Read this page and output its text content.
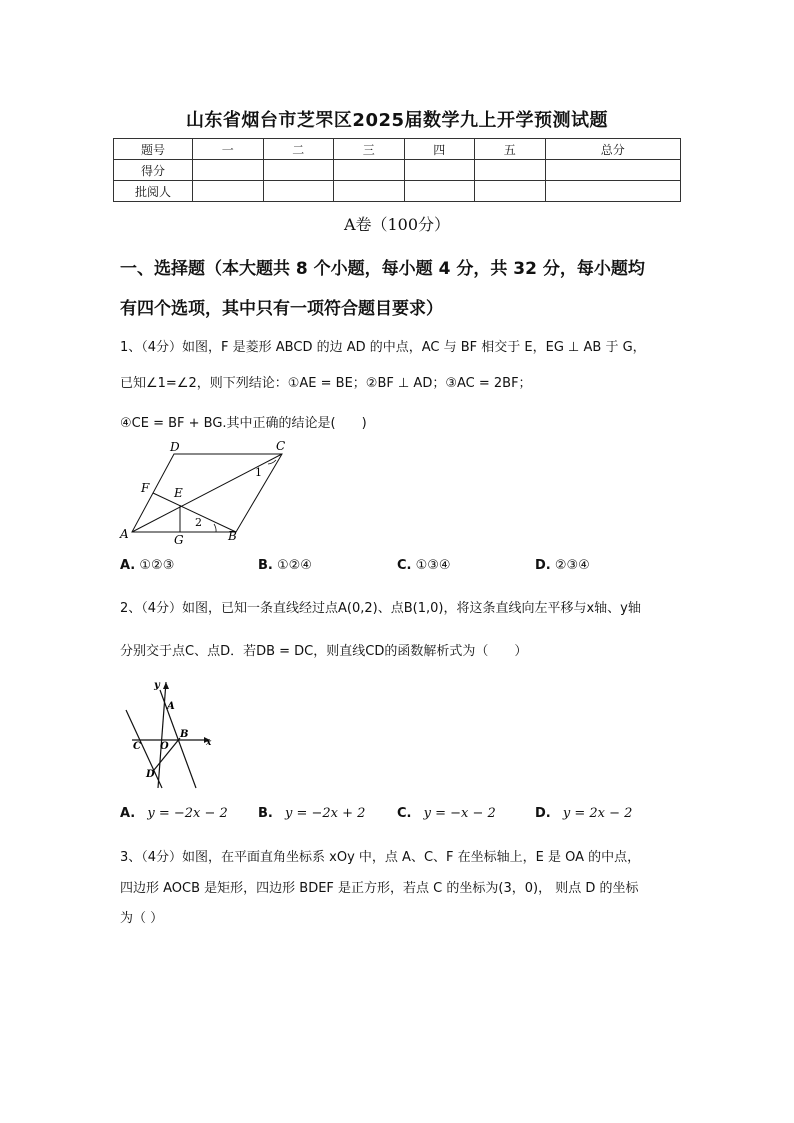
山东省烟台市芝罘区2025届数学九上开学预测试题
题号	一	二	三	四	五	总分
得分						
批阅人						
A卷（100分）
一、选择题（本大题共 8 个小题，每小题 4 分，共 32 分，每小题均
有四个选项，其中只有一项符合题目要求）
1、（4分）如图，F 是菱形 ABCD 的边 AD 的中点，AC 与 BF 相交于 E，EG ⊥ AB 于 G，
已知∠1=∠2，则下列结论：①AE = BE；②BF ⊥ AD；③AC = 2BF；
④CE = BF + BG.其中正确的结论是(　　)
D	C
F E
1
2
A	G	B
A. ①②③	B. ①②④	C. ①③④	D. ②③④
2、（4分）如图，已知一条直线经过点A(0,2)、点B(1,0)，将这条直线向左平移与x轴、y轴
分别交于点C、点D．若DB = DC，则直线CD的函数解析式为（　　）
y
A
C O
B
x
D
A. y = −2x − 2 B. y = −2x + 2 C. y = −x − 2	D. y = 2x − 2
3、（4分）如图，在平面直角坐标系 xOy 中，点 A、C、F 在坐标轴上，E 是 OA 的中点，
四边形 AOCB 是矩形，四边形 BDEF 是正方形，若点 C 的坐标为(3，0)， 则点 D 的坐标
为（ ）
